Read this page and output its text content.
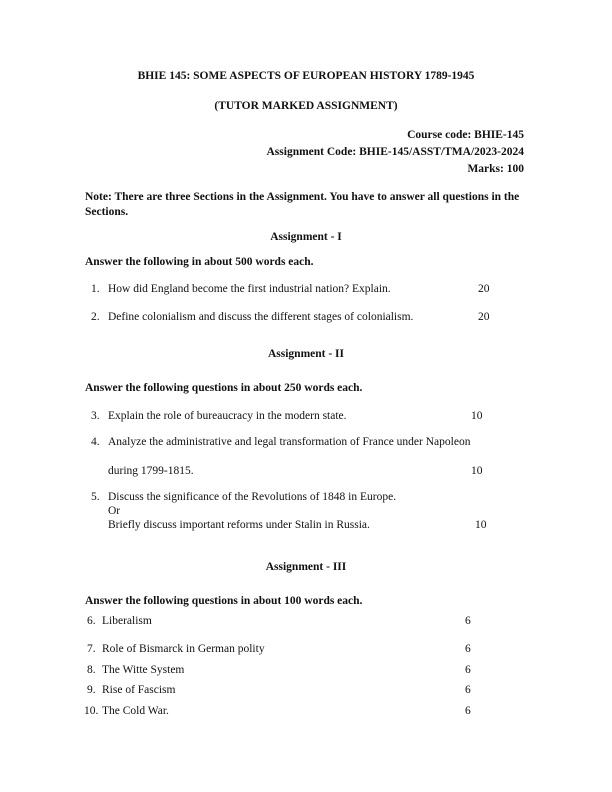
BHIE 145: SOME ASPECTS OF EUROPEAN HISTORY 1789-1945
(TUTOR MARKED ASSIGNMENT)
Course code: BHIE-145
Assignment Code: BHIE-145/ASST/TMA/2023-2024
Marks: 100
Note: There are three Sections in the Assignment. You have to answer all questions in the Sections.
Assignment - I
Answer the following in about 500 words each.
1. How did England become the first industrial nation? Explain.	20
2. Define colonialism and discuss the different stages of colonialism.	20
Assignment - II
Answer the following questions in about 250 words each.
3. Explain the role of bureaucracy in the modern state.	10
4. Analyze the administrative and legal transformation of France under Napoleon
during 1799-1815.	10
5. Discuss the significance of the Revolutions of 1848 in Europe.
Or
Briefly discuss important reforms under Stalin in Russia.	10
Assignment - III
Answer the following questions in about 100 words each.
6. Liberalism	6
7. Role of Bismarck in German polity	6
8. The Witte System	6
9. Rise of Fascism	6
10. The Cold War.	6
